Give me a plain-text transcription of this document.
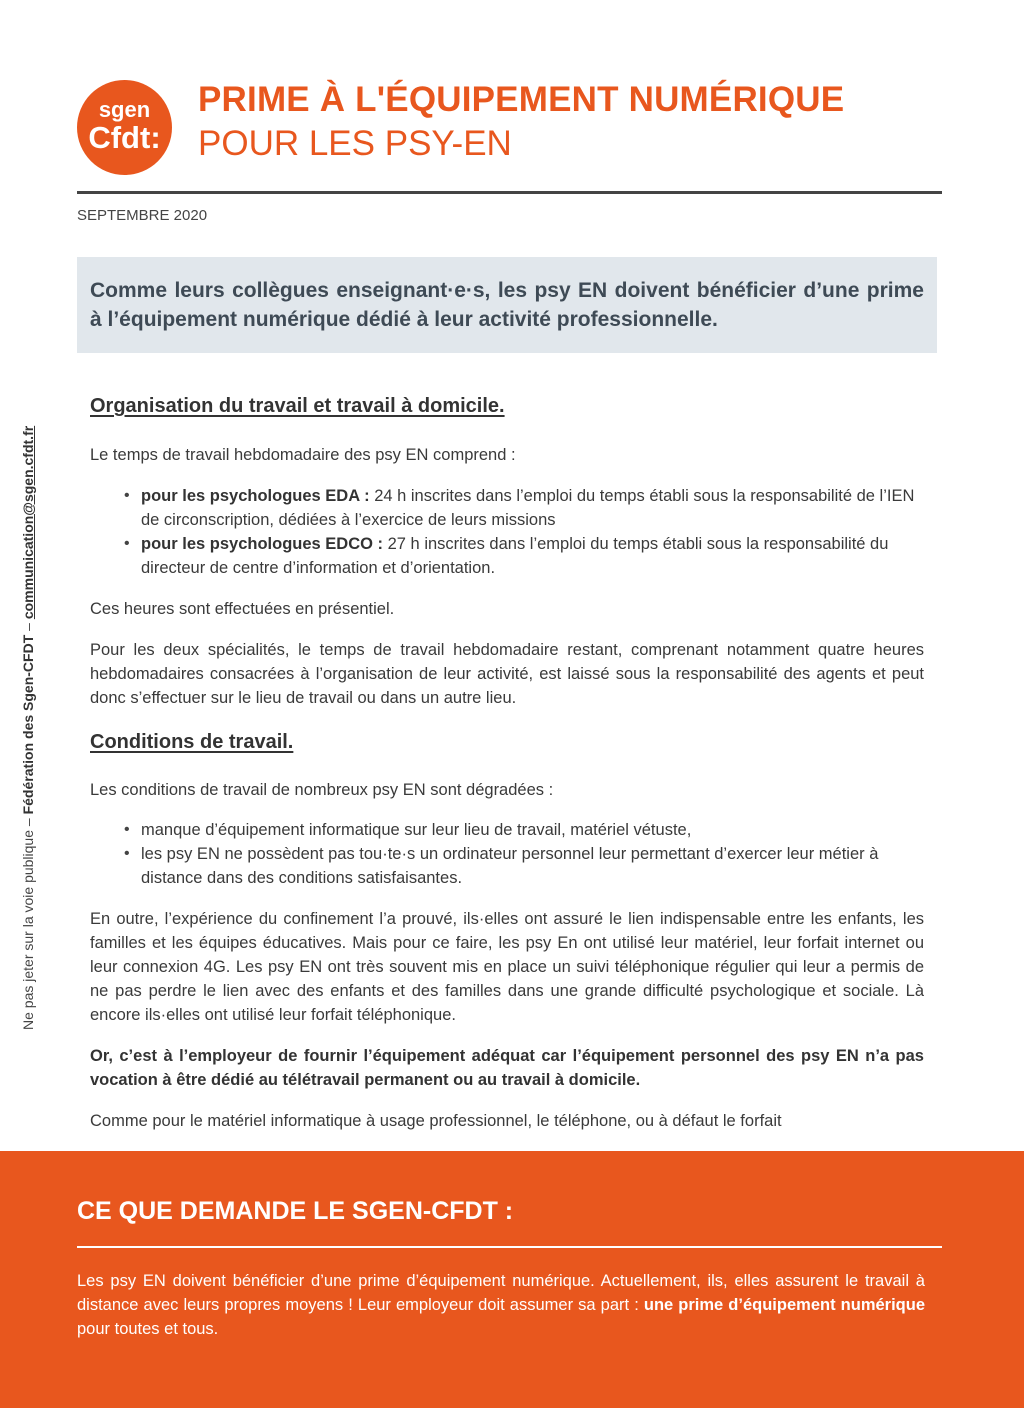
sgen
Cfdt:
PRIME À L'ÉQUIPEMENT NUMÉRIQUE
POUR LES PSY-EN
SEPTEMBRE 2020

Comme leurs collègues enseignant·e·s, les psy EN doivent bénéficier d’une prime à l’équipement numérique dédié à leur activité professionnelle.

Ne pas jeter sur la voie publique – Fédération des Sgen-CFDT – communication@sgen.cfdt.fr
Organisation du travail et travail à domicile.

Le temps de travail hebdomadaire des psy EN comprend :

• pour les psychologues EDA : 24 h inscrites dans l’emploi du temps établi sous la responsabilité de l’IEN de circonscription, dédiées à l’exercice de leurs missions
• pour les psychologues EDCO : 27 h inscrites dans l’emploi du temps établi sous la responsabilité du directeur de centre d’information et d’orientation.

Ces heures sont effectuées en présentiel.

Pour les deux spécialités, le temps de travail hebdomadaire restant, comprenant notamment quatre heures hebdomadaires consacrées à l’organisation de leur activité, est laissé sous la responsabilité des agents et peut donc s’effectuer sur le lieu de travail ou dans un autre lieu.

Conditions de travail.

Les conditions de travail de nombreux psy EN sont dégradées :

• manque d’équipement informatique sur leur lieu de travail, matériel vétuste,
• les psy EN ne possèdent pas tou·te·s un ordinateur personnel leur permettant d’exercer leur métier à distance dans des conditions satisfaisantes.

En outre, l’expérience du confinement l’a prouvé, ils·elles ont assuré le lien indispensable entre les enfants, les familles et les équipes éducatives. Mais pour ce faire, les psy En ont utilisé leur matériel, leur forfait internet ou leur connexion 4G. Les psy EN ont très souvent mis en place un suivi téléphonique régulier qui leur a permis de ne pas perdre le lien avec des enfants et des familles dans une grande difficulté psychologique et sociale. Là encore ils·elles ont utilisé leur forfait téléphonique.

Or, c’est à l’employeur de fournir l’équipement adéquat car l’équipement personnel des psy EN n’a pas vocation à être dédié au télétravail permanent ou au travail à domicile.

Comme pour le matériel informatique à usage professionnel, le téléphone, ou à défaut le forfait

CE QUE DEMANDE LE SGEN-CFDT :

Les psy EN doivent bénéficier d’une prime d’équipement numérique. Actuellement, ils, elles assurent le travail à distance avec leurs propres moyens ! Leur employeur doit assumer sa part : une prime d’équipement numérique pour toutes et tous.
